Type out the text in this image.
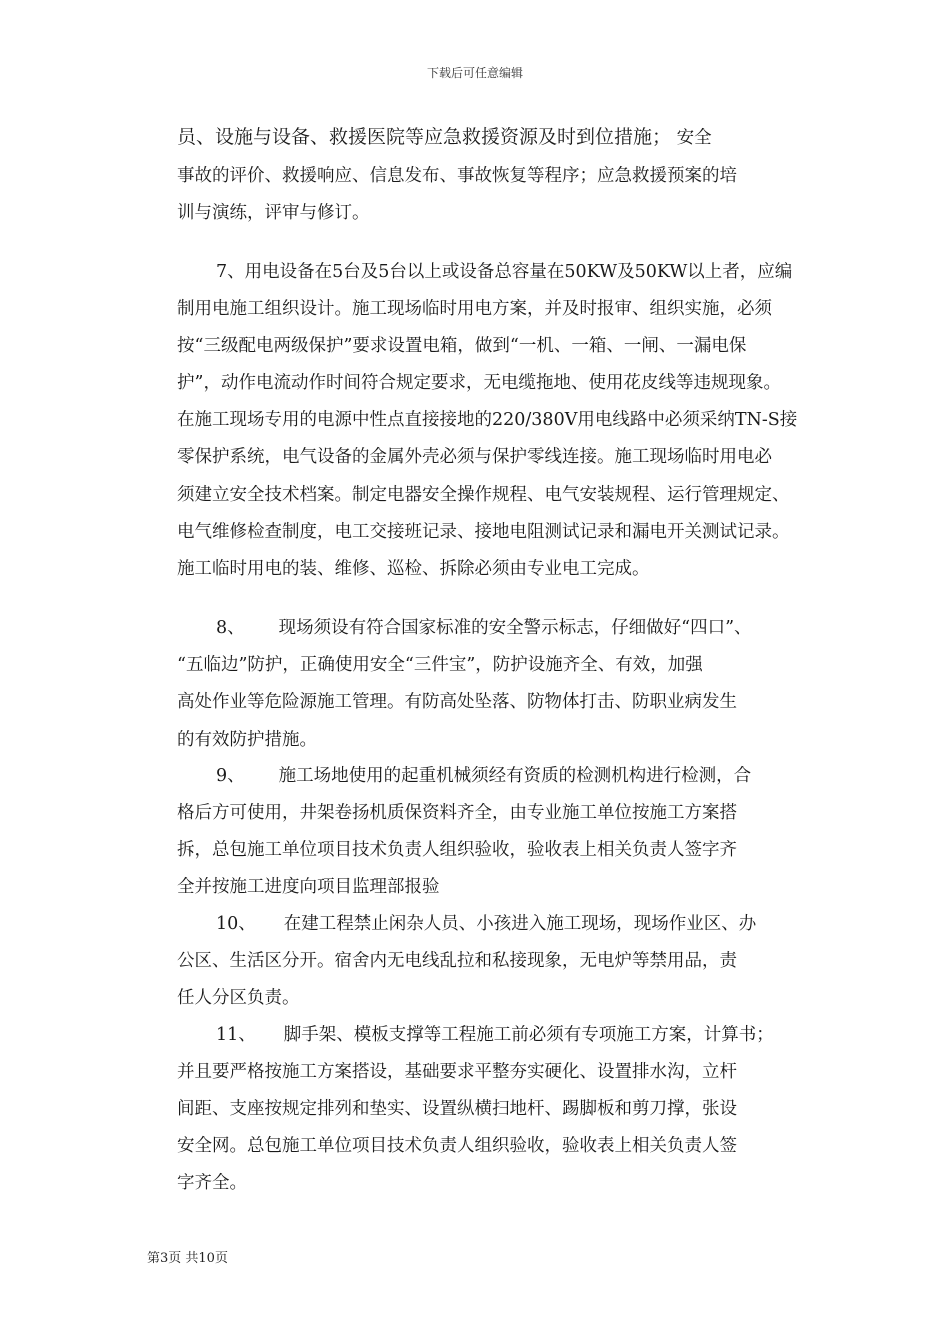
下载后可任意编辑
员、设施与设备、救援医院等应急救援资源及时到位措施； 安全
事故的评价、救援响应、信息发布、事故恢复等程序；应急救援预案的培
训与演练，评审与修订。
7、用电设备在5台及5台以上或设备总容量在50KW及50KW以上者，应编
制用电施工组织设计。施工现场临时用电方案，并及时报审、组织实施，必须
按“三级配电两级保护”要求设置电箱，做到“一机、一箱、一闸、一漏电保
护”，动作电流动作时间符合规定要求，无电缆拖地、使用花皮线等违规现象。
在施工现场专用的电源中性点直接接地的220/380V用电线路中必须采纳TN-S接
零保护系统，电气设备的金属外壳必须与保护零线连接。施工现场临时用电必
须建立安全技术档案。制定电器安全操作规程、电气安装规程、运行管理规定、
电气维修检查制度，电工交接班记录、接地电阻测试记录和漏电开关测试记录。
施工临时用电的装、维修、巡检、拆除必须由专业电工完成。
8、 现场须设有符合国家标准的安全警示标志，仔细做好“四口”、
“五临边”防护，正确使用安全“三件宝”，防护设施齐全、有效，加强
高处作业等危险源施工管理。有防高处坠落、防物体打击、防职业病发生
的有效防护措施。
9、 施工场地使用的起重机械须经有资质的检测机构进行检测，合
格后方可使用，井架卷扬机质保资料齐全，由专业施工单位按施工方案搭
拆，总包施工单位项目技术负责人组织验收，验收表上相关负责人签字齐
全并按施工进度向项目监理部报验
10、 在建工程禁止闲杂人员、小孩进入施工现场，现场作业区、办
公区、生活区分开。宿舍内无电线乱拉和私接现象，无电炉等禁用品，责
任人分区负责。
11、 脚手架、模板支撑等工程施工前必须有专项施工方案，计算书；
并且要严格按施工方案搭设，基础要求平整夯实硬化、设置排水沟，立杆
间距、支座按规定排列和垫实、设置纵横扫地杆、踢脚板和剪刀撑，张设
安全网。总包施工单位项目技术负责人组织验收，验收表上相关负责人签
字齐全。
第3页 共10页
